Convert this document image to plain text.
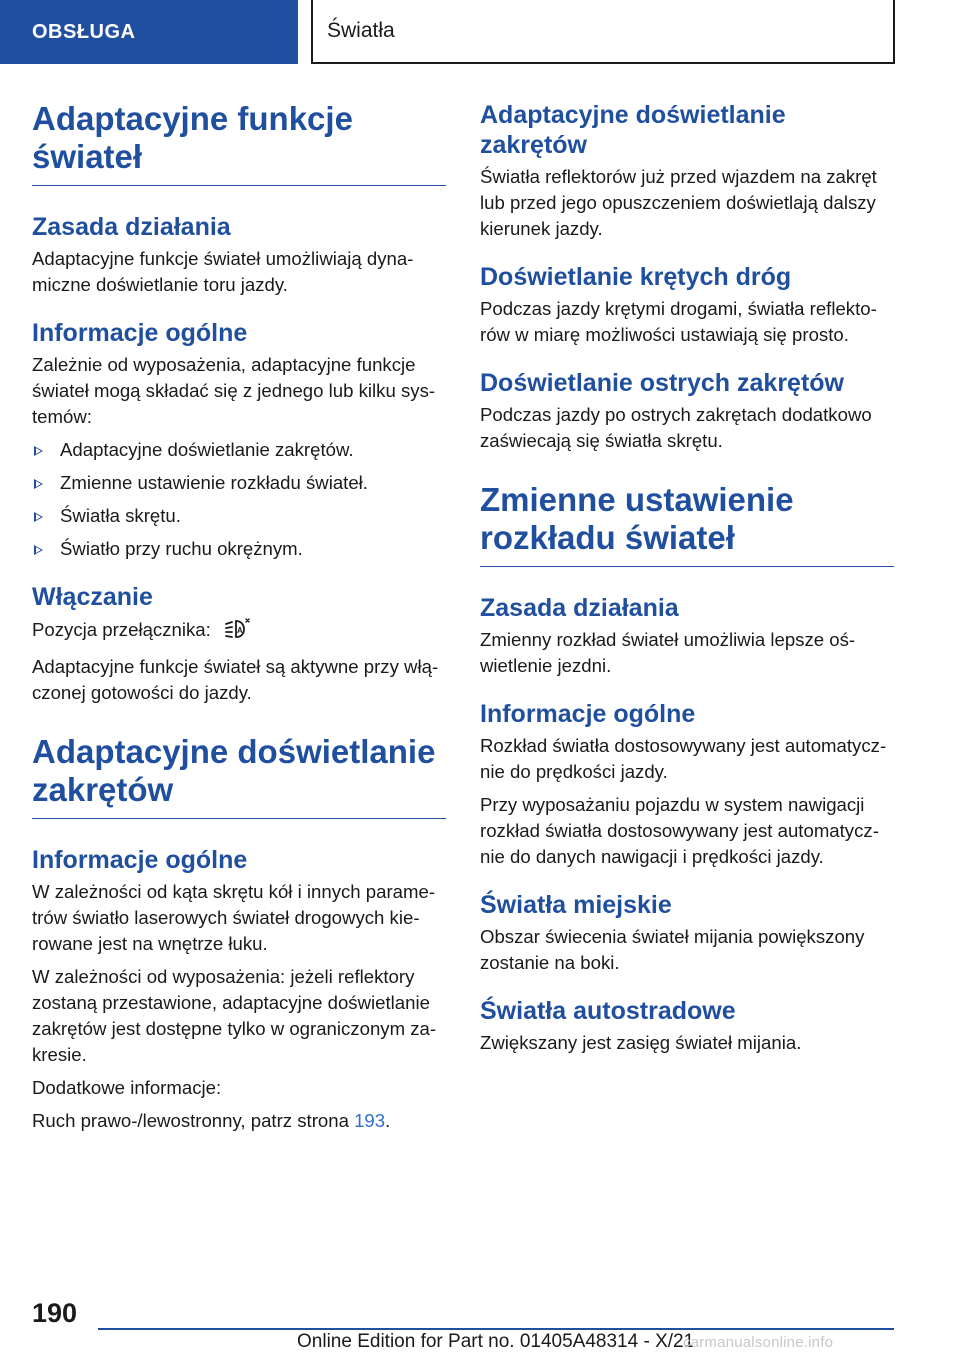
OBSŁUGA	Światła
Adaptacyjne funkcje świateł
Zasada działania

Adaptacyjne funkcje świateł umożliwiają dynamiczne doświetlanie toru jazdy.

Informacje ogólne

Zależnie od wyposażenia, adaptacyjne funkcje świateł mogą składać się z jednego lub kilku systemów:

Adaptacyjne doświetlanie zakrętów.
Zmienne ustawienie rozkładu świateł.
Światła skrętu.
Światło przy ruchu okrężnym.
Włączanie

Pozycja przełącznika:	A

Adaptacyjne funkcje świateł są aktywne przy włączonej gotowości do jazdy.

Adaptacyjne doświetlanie zakrętów
Informacje ogólne

W zależności od kąta skrętu kół i innych parametrów światło laserowych świateł drogowych kierowane jest na wnętrze łuku.

W zależności od wyposażenia: jeżeli reflektory zostaną przestawione, adaptacyjne doświetlanie zakrętów jest dostępne tylko w ograniczonym zakresie.

Dodatkowe informacje:

Ruch prawo-/lewostronny, patrz strona 193.

Adaptacyjne doświetlanie zakrętów

Światła reflektorów już przed wjazdem na zakręt lub przed jego opuszczeniem doświetlają dalszy kierunek jazdy.

Doświetlanie krętych dróg

Podczas jazdy krętymi drogami, światła reflektorów w miarę możliwości ustawiają się prosto.

Doświetlanie ostrych zakrętów

Podczas jazdy po ostrych zakrętach dodatkowo zaświecają się światła skrętu.

Zmienne ustawienie rozkładu świateł
Zasada działania

Zmienny rozkład świateł umożliwia lepsze oświetlenie jezdni.

Informacje ogólne

Rozkład światła dostosowywany jest automatycznie do prędkości jazdy.

Przy wyposażaniu pojazdu w system nawigacji rozkład światła dostosowywany jest automatycznie do danych nawigacji i prędkości jazdy.

Światła miejskie

Obszar świecenia świateł mijania powiększony zostanie na boki.

Światła autostradowe

Zwiększany jest zasięg świateł mijania.

190
Online Edition for Part no. 01405A48314 - X/21
carmanualsonline.info
